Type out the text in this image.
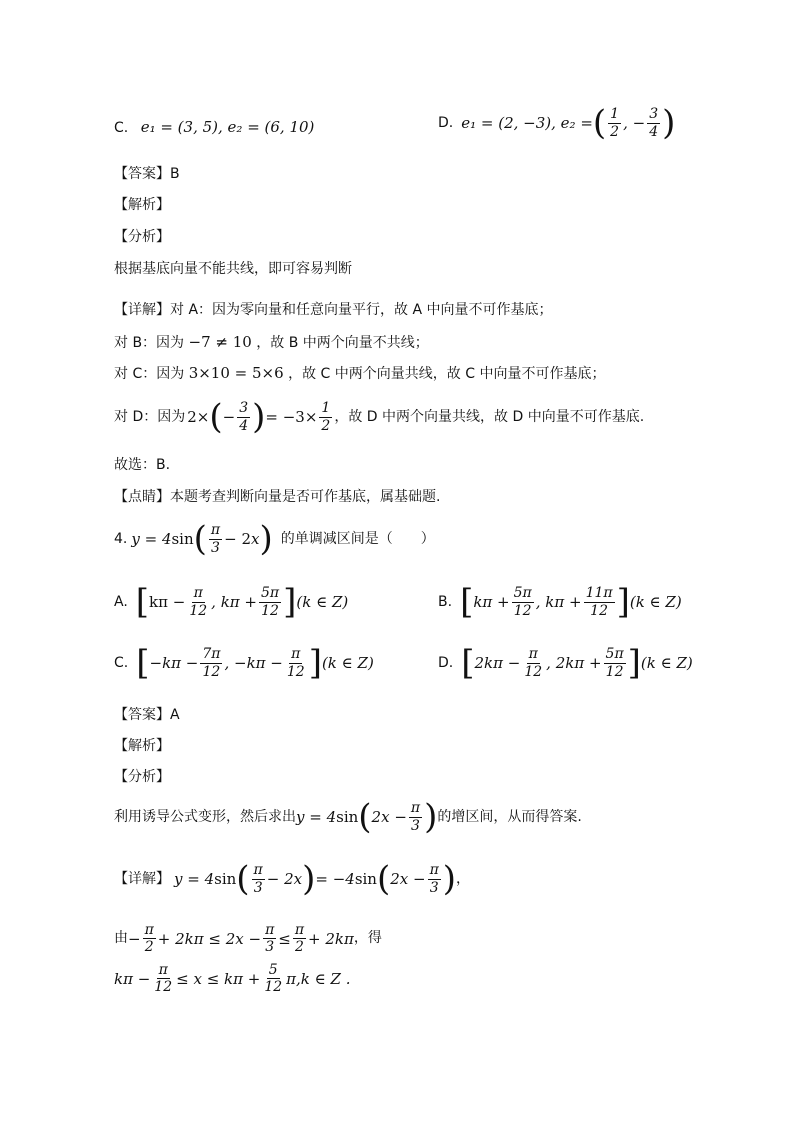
C. e₁ = (3, 5), e₂ = (6, 10)	D. e₁ = (2, −3), e₂ = ( $\frac{1}{2}$ , − $\frac{3}{4}$ )
【答案】B
【解析】
【分析】
根据基底向量不能共线，即可容易判断
【详解】对 A：因为零向量和任意向量平行，故 A 中向量不可作基底；
对 B：因为 −7 ≠ 10 ，故 B 中两个向量不共线；
对 C：因为 3×10 = 5×6 ，故 C 中两个向量共线，故 C 中向量不可作基底；
对 D：因为 2× ( − $\frac{3}{4}$ ) = $-3\times \frac{1}{2}$ ，故 D 中两个向量共线，故 D 中向量不可作基底.
故选：B.
【点睛】本题考查判断向量是否可作基底，属基础题.
4. y = 4sin ( $\frac{\pi}{3} - 2x$ ) 的单调减区间是（　　）
A. [ $k\pi - \frac{\pi}{12}$ , $k\pi + \frac{5\pi}{12}$ ] (k ∈ Z)	B. [ $k\pi + \frac{5\pi}{12}$ , $k\pi + \frac{11\pi}{12}$ ] (k ∈ Z)
C. [ $-k\pi - \frac{7\pi}{12}$ , $-k\pi - \frac{\pi}{12}$ ] (k ∈ Z)	D. [ $2k\pi - \frac{\pi}{12}$ , $2k\pi + \frac{5\pi}{12}$ ] (k ∈ Z)
【答案】A
【解析】
【分析】
利用诱导公式变形，然后求出 y = 4sin ( $2x - \frac{\pi}{3}$ ) 的增区间，从而得答案.
【详解】 y = 4sin ( $\frac{\pi}{3} - 2x$ ) = −4sin ( $2x - \frac{\pi}{3}$ ) ，
由 − $\frac{\pi}{2} + 2k\pi \le 2x - \frac{\pi}{3} \le \frac{\pi}{2} + 2k\pi$ ，得
$k\pi - \frac{\pi}{12} \le x \le k\pi + \frac{5}{12} \pi$, k ∈ Z .
